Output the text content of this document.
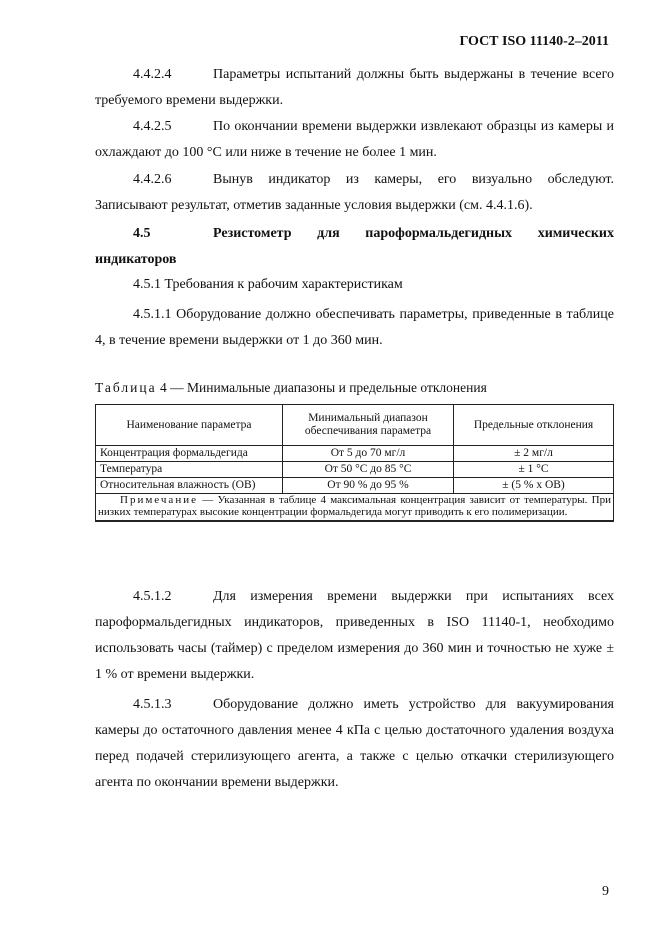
ГОСТ ISO 11140-2–2011
4.4.2.4	Параметры испытаний должны быть выдержаны в течение всего требуемого времени выдержки.
4.4.2.5	По окончании времени выдержки извлекают образцы из камеры и охлаждают до 100 °С или ниже в течение не более 1 мин.
4.4.2.6	Вынув индикатор из камеры, его визуально обследуют. Записывают результат, отметив заданные условия выдержки (см. 4.4.1.6).
4.5	Резистометр для пароформальдегидных химических индикаторов
4.5.1 Требования к рабочим характеристикам
4.5.1.1 Оборудование должно обеспечивать параметры, приведенные в таблице 4, в течение времени выдержки от 1 до 360 мин.
Таблица 4 — Минимальные диапазоны и предельные отклонения
Наименование параметра	Минимальный диапазон обеспечивания параметра	Предельные отклонения
Концентрация формальдегида	От 5 до 70 мг/л	± 2 мг/л
Температура	От 50 °С до 85 °С	± 1 °С
Относительная влажность (ОВ)	От 90 % до 95 %	± (5 % х ОВ)
Примечание — Указанная в таблице 4 максимальная концентрация зависит от температуры. При низких температурах высокие концентрации формальдегида могут приводить к его полимеризации.		
4.5.1.2	Для измерения времени выдержки при испытаниях всех пароформальдегидных индикаторов, приведенных в ISO 11140-1, необходимо использовать часы (таймер) с пределом измерения до 360 мин и точностью не хуже ± 1 % от времени выдержки.
4.5.1.3	Оборудование должно иметь устройство для вакуумирования камеры до остаточного давления менее 4 кПа с целью достаточного удаления воздуха перед подачей стерилизующего агента, а также с целью откачки стерилизующего агента по окончании времени выдержки.
9
